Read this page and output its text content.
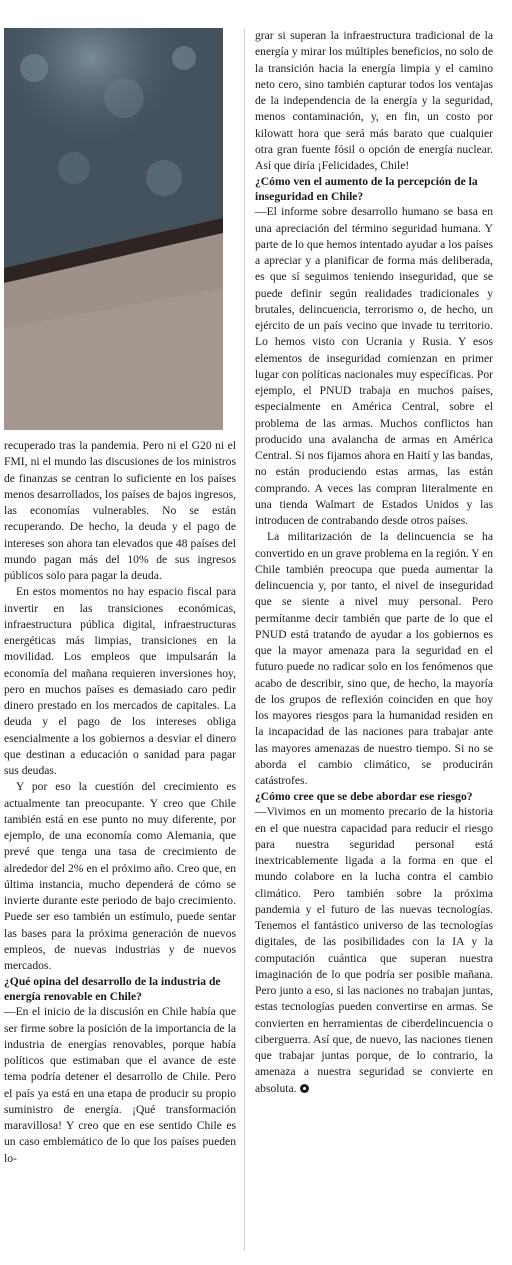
recuperado tras la pandemia. Pero ni el G20 ni el FMI, ni el mundo las discusiones de los ministros de finanzas se centran lo suficiente en los países menos desarrollados, los países de bajos ingresos, las economías vulnerables. No se están recuperando. De hecho, la deuda y el pago de intereses son ahora tan elevados que 48 países del mundo pagan más del 10% de sus ingresos públicos solo para pagar la deuda.

En estos momentos no hay espacio fiscal para invertir en las transiciones económicas, infraestructura pública digital, infraestructuras energéticas más limpias, transiciones en la movilidad. Los empleos que impulsarán la economía del mañana requieren inversiones hoy, pero en muchos países es demasiado caro pedir dinero prestado en los mercados de capitales. La deuda y el pago de los intereses obliga esencialmente a los gobiernos a desviar el dinero que destinan a educación o sanidad para pagar sus deudas.

Y por eso la cuestión del crecimiento es actualmente tan preocupante. Y creo que Chile también está en ese punto no muy diferente, por ejemplo, de una economía como Alemania, que prevé que tenga una tasa de crecimiento de alrededor del 2% en el próximo año. Creo que, en última instancia, mucho dependerá de cómo se invierte durante este periodo de bajo crecimiento. Puede ser eso también un estímulo, puede sentar las bases para la próxima generación de nuevos empleos, de nuevas industrias y de nuevos mercados.

¿Qué opina del desarrollo de la industria de energía renovable en Chile?

—En el inicio de la discusión en Chile había que ser firme sobre la posición de la importancia de la industria de energías renovables, porque había políticos que estimaban que el avance de este tema podría detener el desarrollo de Chile. Pero el país ya está en una etapa de producir su propio suministro de energía. ¡Qué transformación maravillosa! Y creo que en ese sentido Chile es un caso emblemático de lo que los países pueden lo-

grar si superan la infraestructura tradicional de la energía y mirar los múltiples beneficios, no solo de la transición hacia la energía limpia y el camino neto cero, sino también capturar todos los ventajas de la independencia de la energía y la seguridad, menos contaminación, y, en fin, un costo por kilowatt hora que será más barato que cualquier otra gran fuente fósil o opción de energía nuclear. Así que diría ¡Felicidades, Chile!

¿Cómo ven el aumento de la percepción de la inseguridad en Chile?

—El informe sobre desarrollo humano se basa en una apreciación del término seguridad humana. Y parte de lo que hemos intentado ayudar a los países a apreciar y a planificar de forma más deliberada, es que sí seguimos teniendo inseguridad, que se puede definir según realidades tradicionales y brutales, delincuencia, terrorismo o, de hecho, un ejército de un país vecino que invade tu territorio. Lo hemos visto con Ucrania y Rusia. Y esos elementos de inseguridad comienzan en primer lugar con políticas nacionales muy específicas. Por ejemplo, el PNUD trabaja en muchos países, especialmente en América Central, sobre el problema de las armas. Muchos conflictos han producido una avalancha de armas en América Central. Si nos fijamos ahora en Haití y las bandas, no están produciendo estas armas, las están comprando. A veces las compran literalmente en una tienda Walmart de Estados Unidos y las introducen de contrabando desde otros países.

La militarización de la delincuencia se ha convertido en un grave problema en la región. Y en Chile también preocupa que pueda aumentar la delincuencia y, por tanto, el nivel de inseguridad que se siente a nivel muy personal. Pero permítanme decir también que parte de lo que el PNUD está tratando de ayudar a los gobiernos es que la mayor amenaza para la seguridad en el futuro puede no radicar solo en los fenómenos que acabo de describir, sino que, de hecho, la mayoría de los grupos de reflexión coinciden en que hoy los mayores riesgos para la humanidad residen en la incapacidad de las naciones para trabajar ante las mayores amenazas de nuestro tiempo. Si no se aborda el cambio climático, se producirán catástrofes.

¿Cómo cree que se debe abordar ese riesgo?

—Vivimos en un momento precario de la historia en el que nuestra capacidad para reducir el riesgo para nuestra seguridad personal está inextricablemente ligada a la forma en que el mundo colabore en la lucha contra el cambio climático. Pero también sobre la próxima pandemia y el futuro de las nuevas tecnologías. Tenemos el fantástico universo de las tecnologías digitales, de las posibilidades con la IA y la computación cuántica que superan nuestra imaginación de lo que podría ser posible mañana. Pero junto a eso, si las naciones no trabajan juntas, estas tecnologías pueden convertirse en armas. Se convierten en herramientas de ciberdelincuencia o ciberguerra. Así que, de nuevo, las naciones tienen que trabajar juntas porque, de lo contrario, la amenaza a nuestra seguridad se convierte en absoluta.
